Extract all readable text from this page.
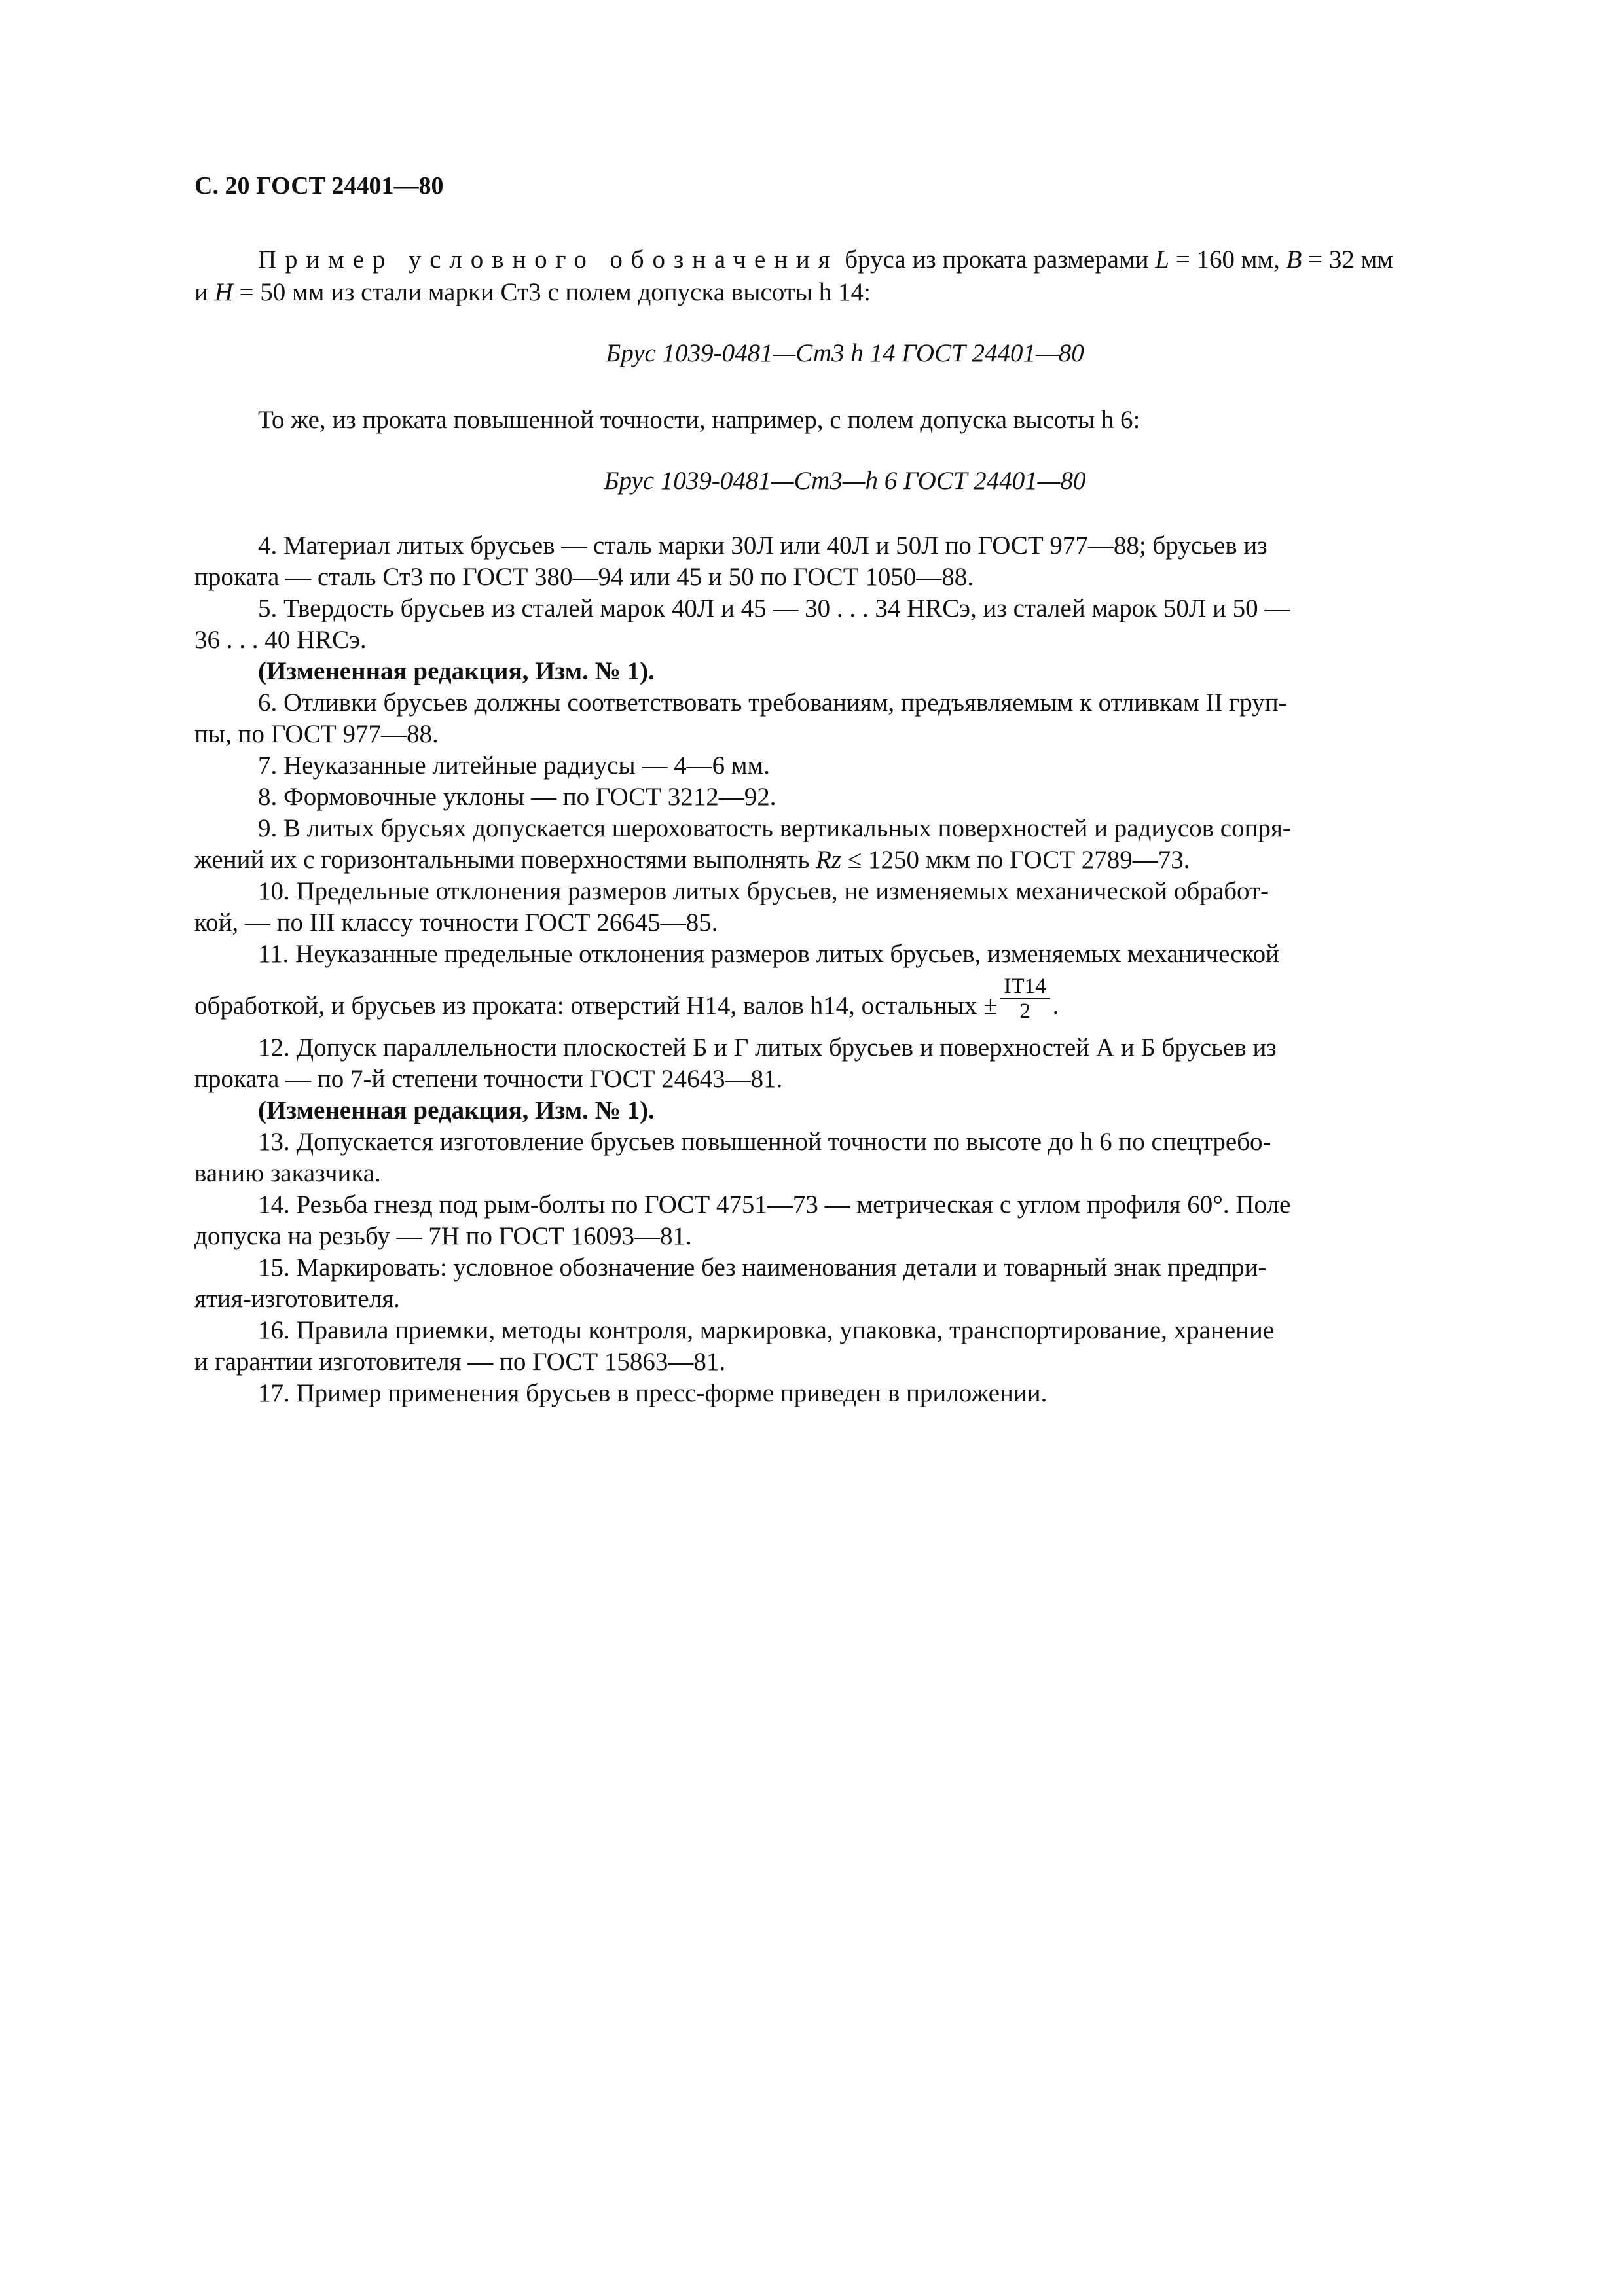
С. 20 ГОСТ 24401—80
Пример условного обозначения бруса из проката размерами L = 160 мм, B = 32 мм
и H = 50 мм из стали марки Ст3 с полем допуска высоты h 14:
Брус 1039-0481—Ст3 h 14 ГОСТ 24401—80
То же, из проката повышенной точности, например, с полем допуска высоты h 6:
Брус 1039-0481—Ст3—h 6 ГОСТ 24401—80
4. Материал литых брусьев — сталь марки 30Л или 40Л и 50Л по ГОСТ 977—88; брусьев из
проката — сталь Ст3 по ГОСТ 380—94 или 45 и 50 по ГОСТ 1050—88.
5. Твердость брусьев из сталей марок 40Л и 45 — 30 . . . 34 HRCэ, из сталей марок 50Л и 50 —
36 . . . 40 HRCэ.
(Измененная редакция, Изм. № 1).
6. Отливки брусьев должны соответствовать требованиям, предъявляемым к отливкам II груп-
пы, по ГОСТ 977—88.
7. Неуказанные литейные радиусы — 4—6 мм.
8. Формовочные уклоны — по ГОСТ 3212—92.
9. В литых брусьях допускается шероховатость вертикальных поверхностей и радиусов сопря-
жений их с горизонтальными поверхностями выполнять Rz ≤ 1250 мкм по ГОСТ 2789—73.
10. Предельные отклонения размеров литых брусьев, не изменяемых механической обработ-
кой, — по III классу точности ГОСТ 26645—85.
11. Неуказанные предельные отклонения размеров литых брусьев, изменяемых механической
обработкой, и брусьев из проката: отверстий H14, валов h14, остальных ± $\frac{IT14}{2}$ .
12. Допуск параллельности плоскостей Б и Г литых брусьев и поверхностей А и Б брусьев из
проката — по 7-й степени точности ГОСТ 24643—81.
(Измененная редакция, Изм. № 1).
13. Допускается изготовление брусьев повышенной точности по высоте до h 6 по спецтребо-
ванию заказчика.
14. Резьба гнезд под рым-болты по ГОСТ 4751—73 — метрическая с углом профиля 60°. Поле
допуска на резьбу — 7H по ГОСТ 16093—81.
15. Маркировать: условное обозначение без наименования детали и товарный знак предпри-
ятия-изготовителя.
16. Правила приемки, методы контроля, маркировка, упаковка, транспортирование, хранение
и гарантии изготовителя — по ГОСТ 15863—81.
17. Пример применения брусьев в пресс-форме приведен в приложении.
